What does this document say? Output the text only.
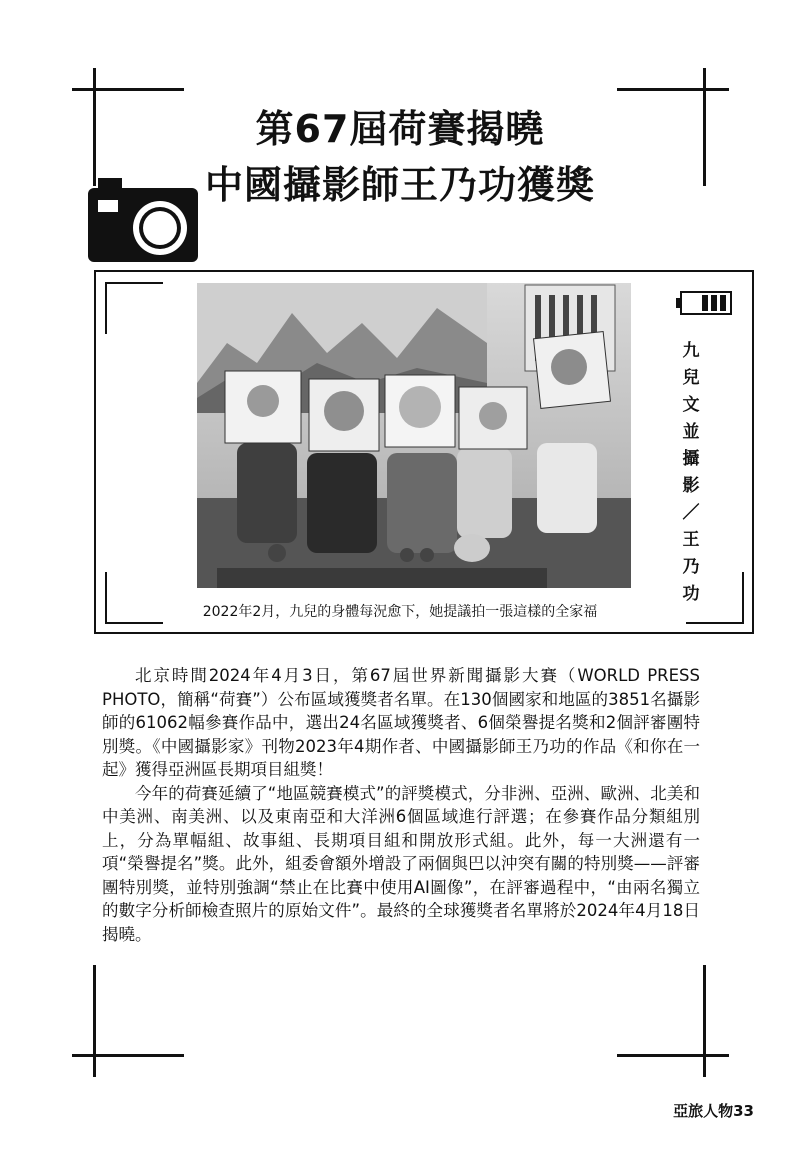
第67屆荷賽揭曉
中國攝影師王乃功獲獎
九兒文並攝影／王乃功
2022年2月，九兒的身體每況愈下，她提議拍一張這樣的全家福

北京時間2024年4月3日，第67屆世界新聞攝影大賽（WORLD PRESS PHOTO，簡稱“荷賽”）公布區域獲獎者名單。在130個國家和地區的3851名攝影師的61062幅參賽作品中，選出24名區域獲獎者、6個榮譽提名獎和2個評審團特別獎。《中國攝影家》刊物2023年4期作者、中國攝影師王乃功的作品《和你在一起》獲得亞洲區長期項目組獎！

今年的荷賽延續了“地區競賽模式”的評獎模式，分非洲、亞洲、歐洲、北美和中美洲、南美洲、以及東南亞和大洋洲6個區域進行評選；在參賽作品分類組別上，分為單幅組、故事組、長期項目組和開放形式組。此外，每一大洲還有一項“榮譽提名”獎。此外，組委會額外增設了兩個與巴以沖突有關的特別獎——評審團特別獎，並特別強調“禁止在比賽中使用AI圖像”，在評審過程中，“由兩名獨立的數字分析師檢查照片的原始文件”。最終的全球獲獎者名單將於2024年4月18日揭曉。

亞旅人物33
